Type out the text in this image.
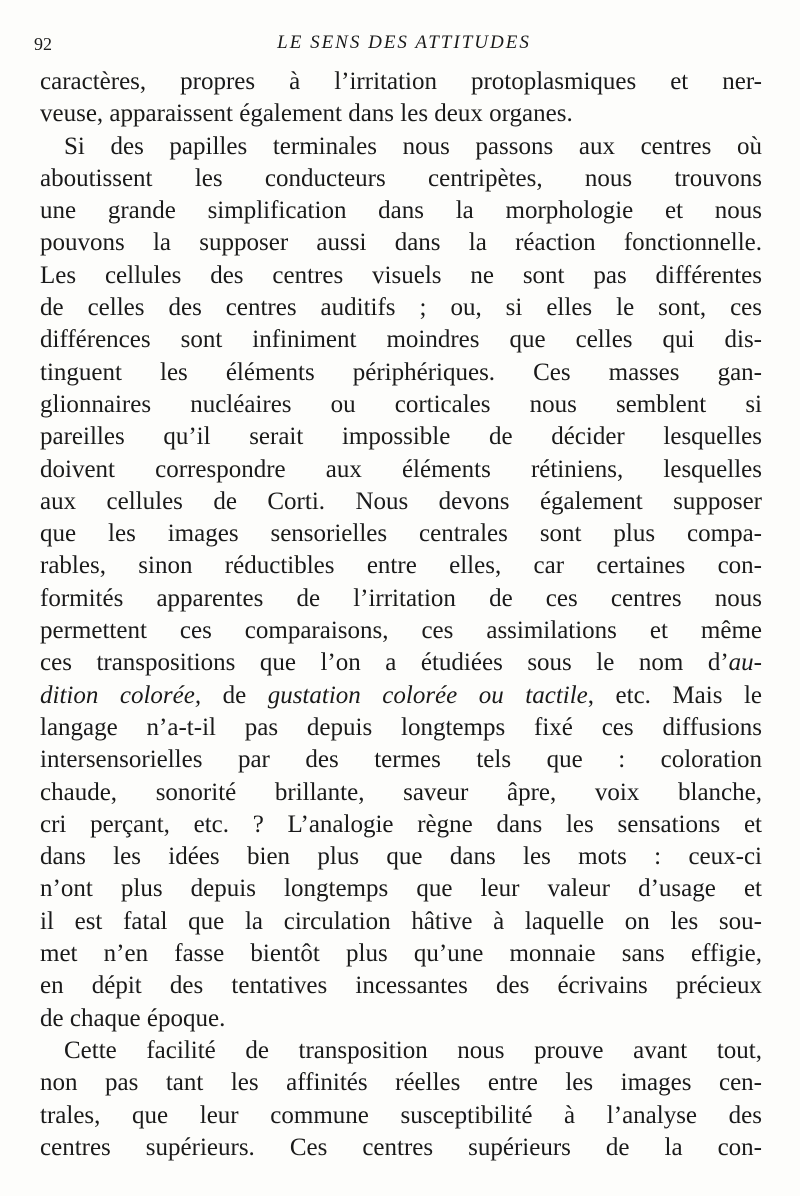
92	LE SENS DES ATTITUDES

caractères, propres à l’irritation protoplasmiques et ner-
veuse, apparaissent également dans les deux organes.

Si des papilles terminales nous passons aux centres où
aboutissent les conducteurs centripètes, nous trouvons
une grande simplification dans la morphologie et nous
pouvons la supposer aussi dans la réaction fonctionnelle.
Les cellules des centres visuels ne sont pas différentes
de celles des centres auditifs ; ou, si elles le sont, ces
différences sont infiniment moindres que celles qui dis-
tinguent les éléments périphériques. Ces masses gan-
glionnaires nucléaires ou corticales nous semblent si
pareilles qu’il serait impossible de décider lesquelles
doivent correspondre aux éléments rétiniens, lesquelles
aux cellules de Corti. Nous devons également supposer
que les images sensorielles centrales sont plus compa-
rables, sinon réductibles entre elles, car certaines con-
formités apparentes de l’irritation de ces centres nous
permettent ces comparaisons, ces assimilations et même
ces transpositions que l’on a étudiées sous le nom d’au-
dition colorée, de gustation colorée ou tactile, etc. Mais le
langage n’a-t-il pas depuis longtemps fixé ces diffusions
intersensorielles par des termes tels que : coloration
chaude, sonorité brillante, saveur âpre, voix blanche,
cri perçant, etc. ? L’analogie règne dans les sensations et
dans les idées bien plus que dans les mots : ceux-ci
n’ont plus depuis longtemps que leur valeur d’usage et
il est fatal que la circulation hâtive à laquelle on les sou-
met n’en fasse bientôt plus qu’une monnaie sans effigie,
en dépit des tentatives incessantes des écrivains précieux
de chaque époque.

Cette facilité de transposition nous prouve avant tout,
non pas tant les affinités réelles entre les images cen-
trales, que leur commune susceptibilité à l’analyse des
centres supérieurs. Ces centres supérieurs de la con-
